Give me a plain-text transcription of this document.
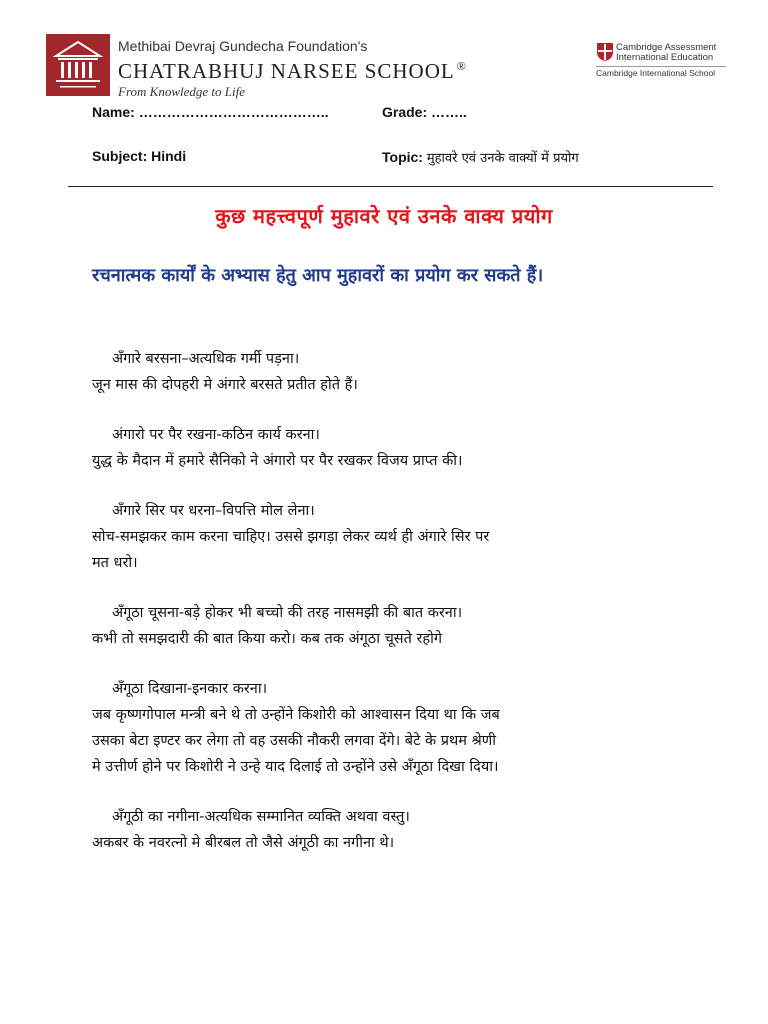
Methibai Devraj Gundecha Foundation's
CHATRABHUJ NARSEE SCHOOL ®
From Knowledge to Life
Cambridge Assessment
International Education
Cambridge International School
Name: …………………………………..	Grade: ……..
Subject: Hindi	Topic: मुहावरे एवं उनके वाक्यों में प्रयोग
कुछ महत्त्वपूर्ण मुहावरे एवं उनके वाक्य प्रयोग
रचनात्मक कार्यों के अभ्यास हेतु आप मुहावरों का प्रयोग कर सकते हैं।
अँगारे बरसना–अत्यधिक गर्मी पड़ना।
जून मास की दोपहरी मे अंगारे बरसते प्रतीत होते हैं।
अंगारो पर पैर रखना-कठिन कार्य करना।
युद्ध के मैदान में हमारे सैनिको ने अंगारो पर पैर रखकर विजय प्राप्त की।
अँगारे सिर पर धरना–विपत्ति मोल लेना।
सोच-समझकर काम करना चाहिए। उससे झगड़ा लेकर व्यर्थ ही अंगारे सिर पर
मत धरो।
अँगूठा चूसना-बड़े होकर भी बच्चो की तरह नासमझी की बात करना।
कभी तो समझदारी की बात किया करो। कब तक अंगूठा चूसते रहोगे
अँगूठा दिखाना-इनकार करना।
जब कृष्णगोपाल मन्त्री बने थे तो उन्होंने किशोरी को आश्वासन दिया था कि जब
उसका बेटा इण्टर कर लेगा तो वह उसकी नौकरी लगवा देंगे। बेटे के प्रथम श्रेणी
मे उत्तीर्ण होने पर किशोरी ने उन्हे याद दिलाई तो उन्होंने उसे अँगूठा दिखा दिया।
अँगूठी का नगीना-अत्यधिक सम्मानित व्यक्ति अथवा वस्तु।
अकबर के नवरत्नो मे बीरबल तो जैसे अंगूठी का नगीना थे।
